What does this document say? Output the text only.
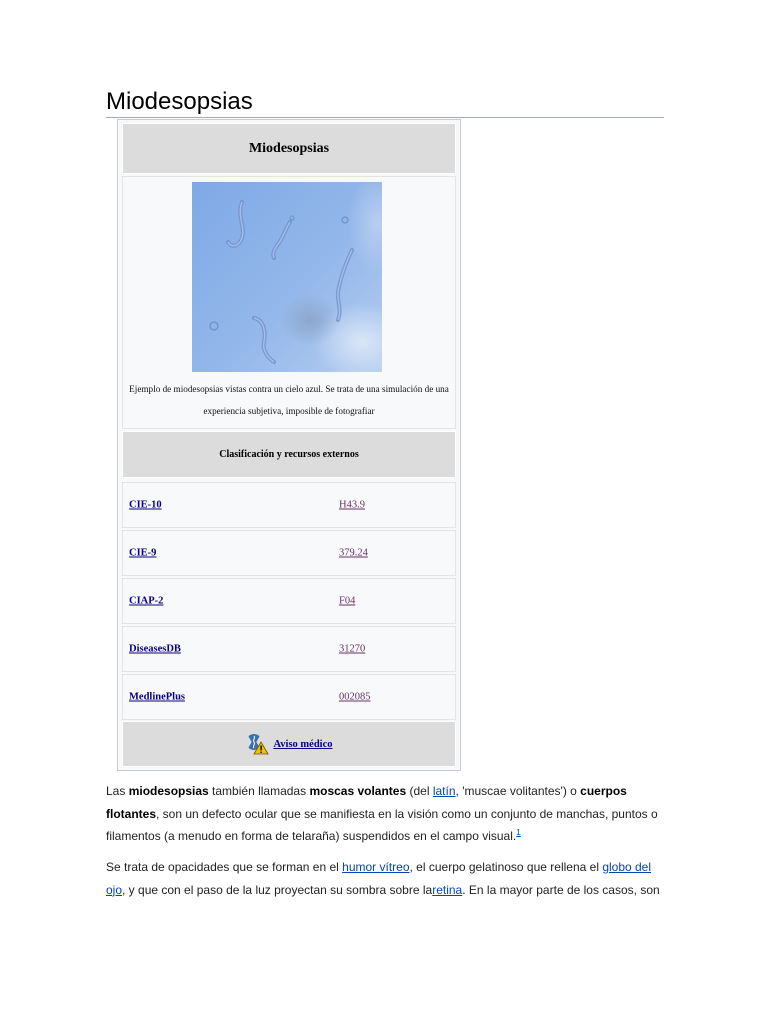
Miodesopsias
Miodesopsias
Ejemplo de miodesopsias vistas contra un cielo azul. Se trata de una simulación de una experiencia subjetiva, imposible de fotografiar
Clasificación y recursos externos
CIE-10	H43.9
CIE-9	379.24
CIAP-2	F04
DiseasesDB	31270
MedlinePlus	002085
Aviso médico

Las miodesopsias también llamadas moscas volantes (del latín, 'muscae volitantes') o cuerpos flotantes, son un defecto ocular que se manifiesta en la visión como un conjunto de manchas, puntos o filamentos (a menudo en forma de telaraña) suspendidos en el campo visual.$^1$

Se trata de opacidades que se forman en el humor vítreo, el cuerpo gelatinoso que rellena el globo del ojo, y que con el paso de la luz proyectan su sombra sobre laretina. En la mayor parte de los casos, son
